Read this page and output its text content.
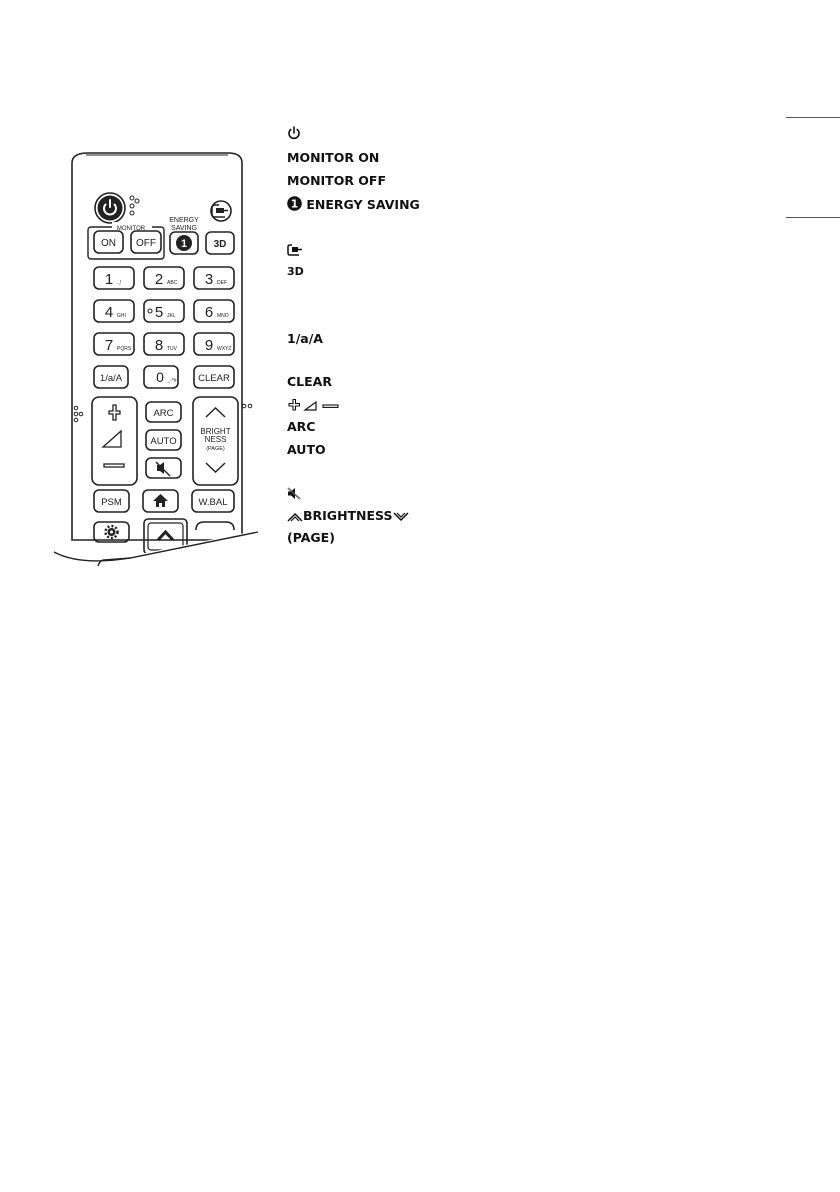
MONITOR
ON OFF
ENERGY
SAVING
1	3D
1 .,! 2 ABC 3 DEF
4 GHI 5 JKL 6 MNO
7 PQRS 8 TUV 9 WXYZ
1/a/A 0 _-*# CLEAR
ARC
AUTO
BRIGHT
NESS
(PAGE)
PSM	W.BAL
MONITOR ON
MONITOR OFF
1 ENERGY SAVING
3D
1/a/A
CLEAR
ARC
AUTO
BRIGHTNESS
(PAGE)
